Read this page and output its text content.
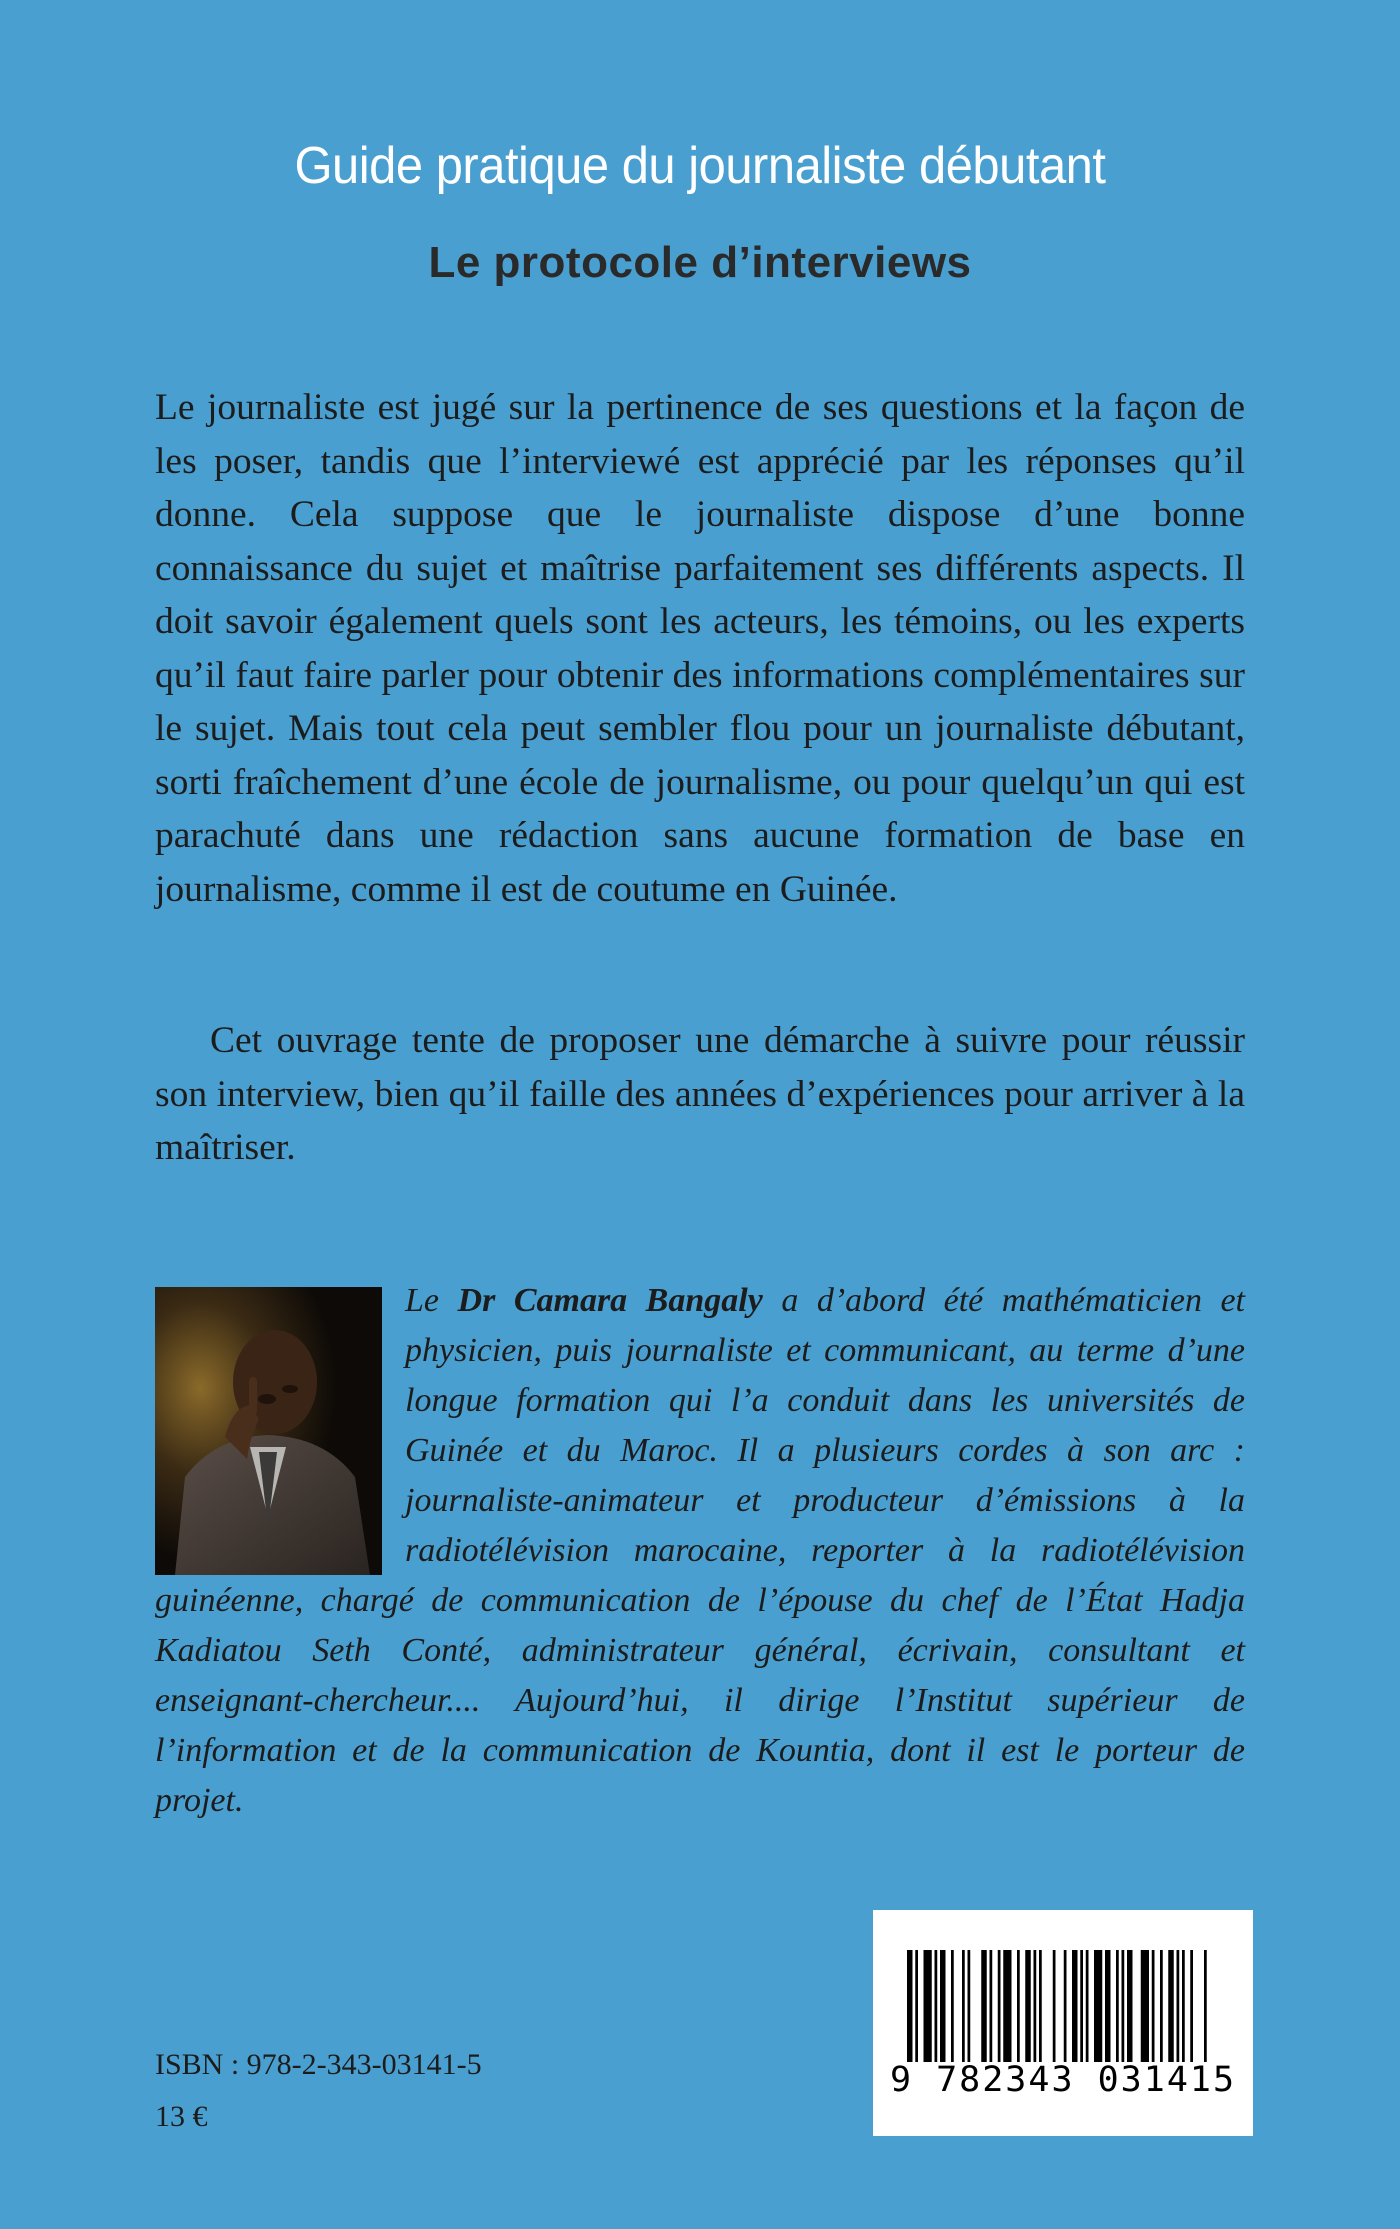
Guide pratique du journaliste débutant
Le protocole d’interviews

Le journaliste est jugé sur la pertinence de ses questions et la façon de les poser, tandis que l’interviewé est apprécié par les réponses qu’il donne. Cela suppose que le journaliste dispose d’une bonne connaissance du sujet et maîtrise parfaitement ses différents aspects. Il doit savoir également quels sont les acteurs, les témoins, ou les experts qu’il faut faire parler pour obtenir des informations complémentaires sur le sujet. Mais tout cela peut sembler flou pour un journaliste débutant, sorti fraîchement d’une école de journalisme, ou pour quelqu’un qui est parachuté dans une rédaction sans aucune formation de base en journalisme, comme il est de coutume en Guinée.

Cet ouvrage tente de proposer une démarche à suivre pour réussir son interview, bien qu’il faille des années d’expériences pour arriver à la maîtriser.

Le Dr Camara Bangaly a d’abord été mathématicien et physicien, puis journaliste et communicant, au terme d’une longue formation qui l’a conduit dans les universités de Guinée et du Maroc. Il a plusieurs cordes à son arc : journaliste-animateur et producteur d’émissions à la radiotélévision marocaine, reporter à la radiotélévision guinéenne, chargé de communication de l’épouse du chef de l’État Hadja Kadiatou Seth Conté, administrateur général, écrivain, consultant et enseignant-chercheur.... Aujourd’hui, il dirige l’Institut supérieur de l’information et de la communication de Kountia, dont il est le porteur de projet.

ISBN : 978-2-343-03141-5
13 €
9 782343 031415
